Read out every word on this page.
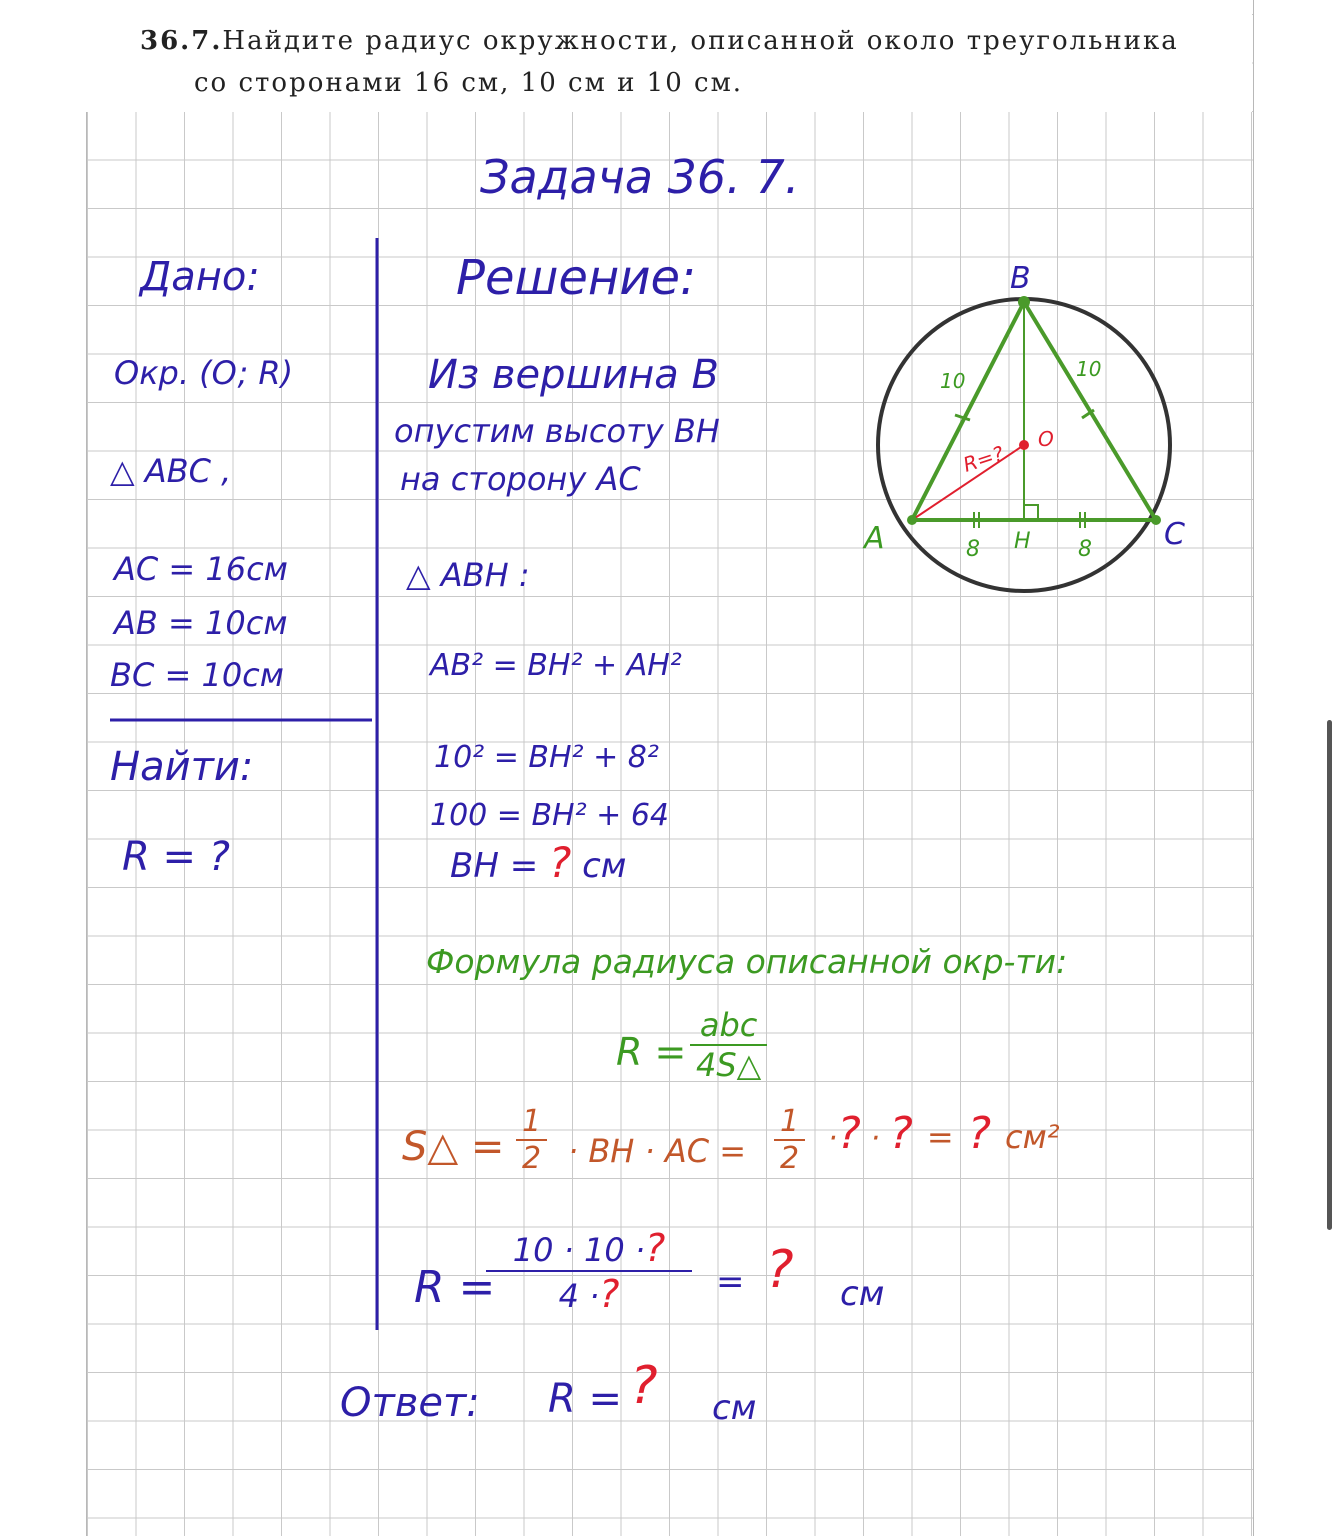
36.7.Найдите радиус окружности, описанной около треугольника
со сторонами 16 см, 10 см и 10 см.
Задача 36. 7.
Дано:
Окр. (O; R)
△ ABC ,
AC = 16см
AB = 10см
BC = 10см
Найти:
R = ?
Решение:
Из вершина B
опустим высоту BH
на сторону AC
△ ABH :
AB² = BH² + AH²
10² = BH² + 8²
100 = BH² + 64
BH = ? см
Формула радиуса описанной окр-ти:
R =
abc
4S△
S△ =
1
2 · BH · AC =
1
2
·? · ? = ? см²
R =
10 · 10 ·?
4 ·?	= ? см
Ответ: R = ? см
B
A	C
H
O
10	10
8	8
R=?
